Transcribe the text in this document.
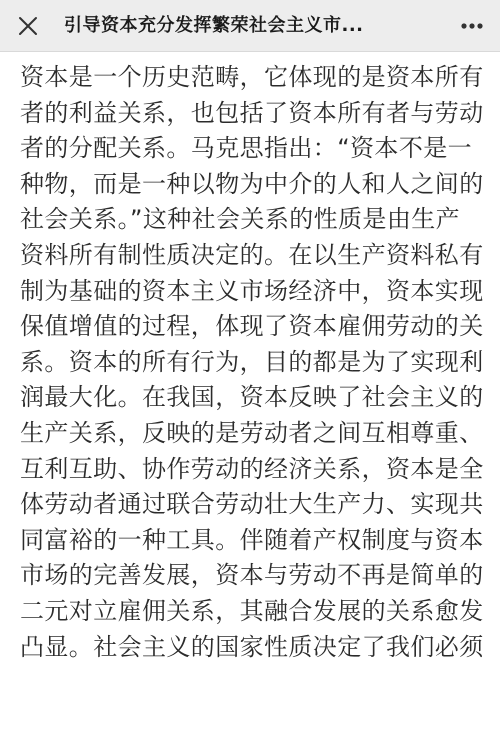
引导资本充分发挥繁荣社会主义市...
资本是一个历史范畴，它体现的是资本所有
者的利益关系，也包括了资本所有者与劳动
者的分配关系。马克思指出：“资本不是一
种物，而是一种以物为中介的人和人之间的
社会关系。”这种社会关系的性质是由生产
资料所有制性质决定的。在以生产资料私有
制为基础的资本主义市场经济中，资本实现
保值增值的过程，体现了资本雇佣劳动的关
系。资本的所有行为，目的都是为了实现利
润最大化。在我国，资本反映了社会主义的
生产关系，反映的是劳动者之间互相尊重、
互利互助、协作劳动的经济关系，资本是全
体劳动者通过联合劳动壮大生产力、实现共
同富裕的一种工具。伴随着产权制度与资本
市场的完善发展，资本与劳动不再是简单的
二元对立雇佣关系，其融合发展的关系愈发
凸显。社会主义的国家性质决定了我们必须
